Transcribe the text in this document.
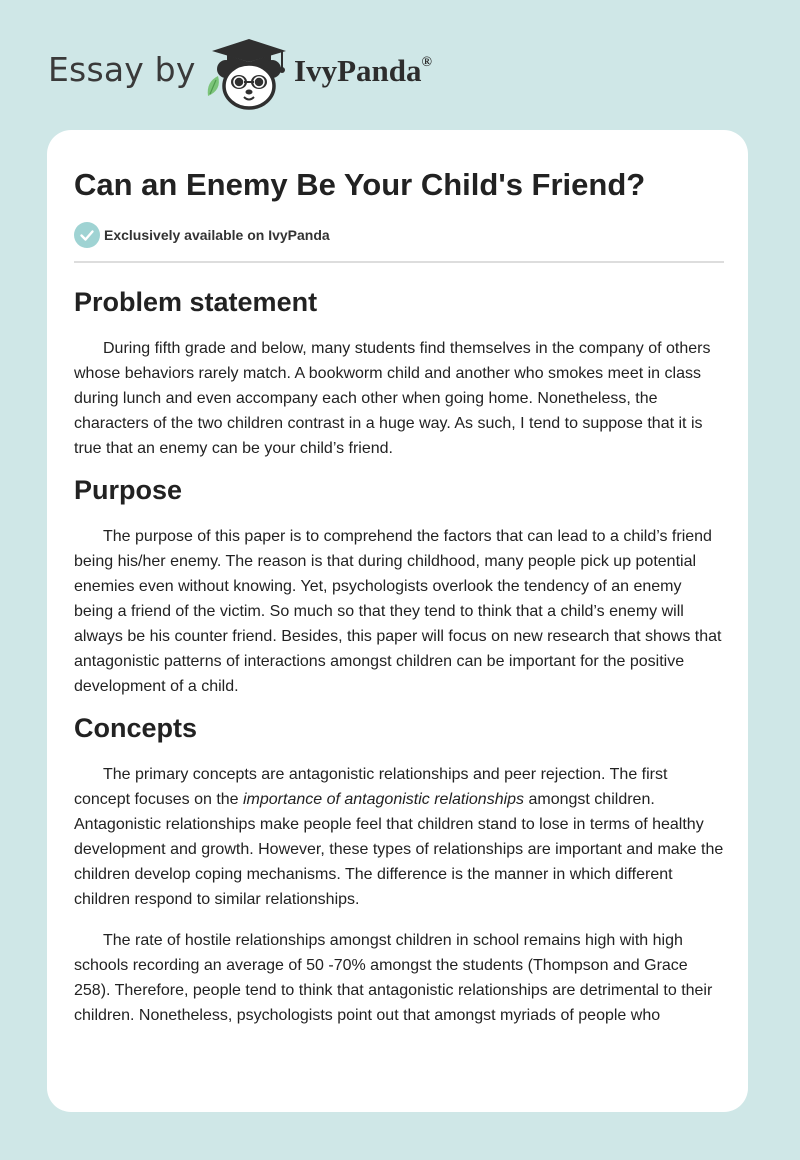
Essay by	IvyPanda®
Can an Enemy Be Your Child's Friend?
Exclusively available on IvyPanda
Problem statement

During fifth grade and below, many students find themselves in the company of others whose behaviors rarely match. A bookworm child and another who smokes meet in class during lunch and even accompany each other when going home. Nonetheless, the characters of the two children contrast in a huge way. As such, I tend to suppose that it is true that an enemy can be your child’s friend.

Purpose

The purpose of this paper is to comprehend the factors that can lead to a child’s friend being his/her enemy. The reason is that during childhood, many people pick up potential enemies even without knowing. Yet, psychologists overlook the tendency of an enemy being a friend of the victim. So much so that they tend to think that a child’s enemy will always be his counter friend. Besides, this paper will focus on new research that shows that antagonistic patterns of interactions amongst children can be important for the positive development of a child.

Concepts

The primary concepts are antagonistic relationships and peer rejection. The first concept focuses on the importance of antagonistic relationships amongst children. Antagonistic relationships make people feel that children stand to lose in terms of healthy development and growth. However, these types of relationships are important and make the children develop coping mechanisms. The difference is the manner in which different children respond to similar relationships.

The rate of hostile relationships amongst children in school remains high with high schools recording an average of 50 -70% amongst the students (Thompson and Grace 258). Therefore, people tend to think that antagonistic relationships are detrimental to their children. Nonetheless, psychologists point out that amongst myriads of people who
